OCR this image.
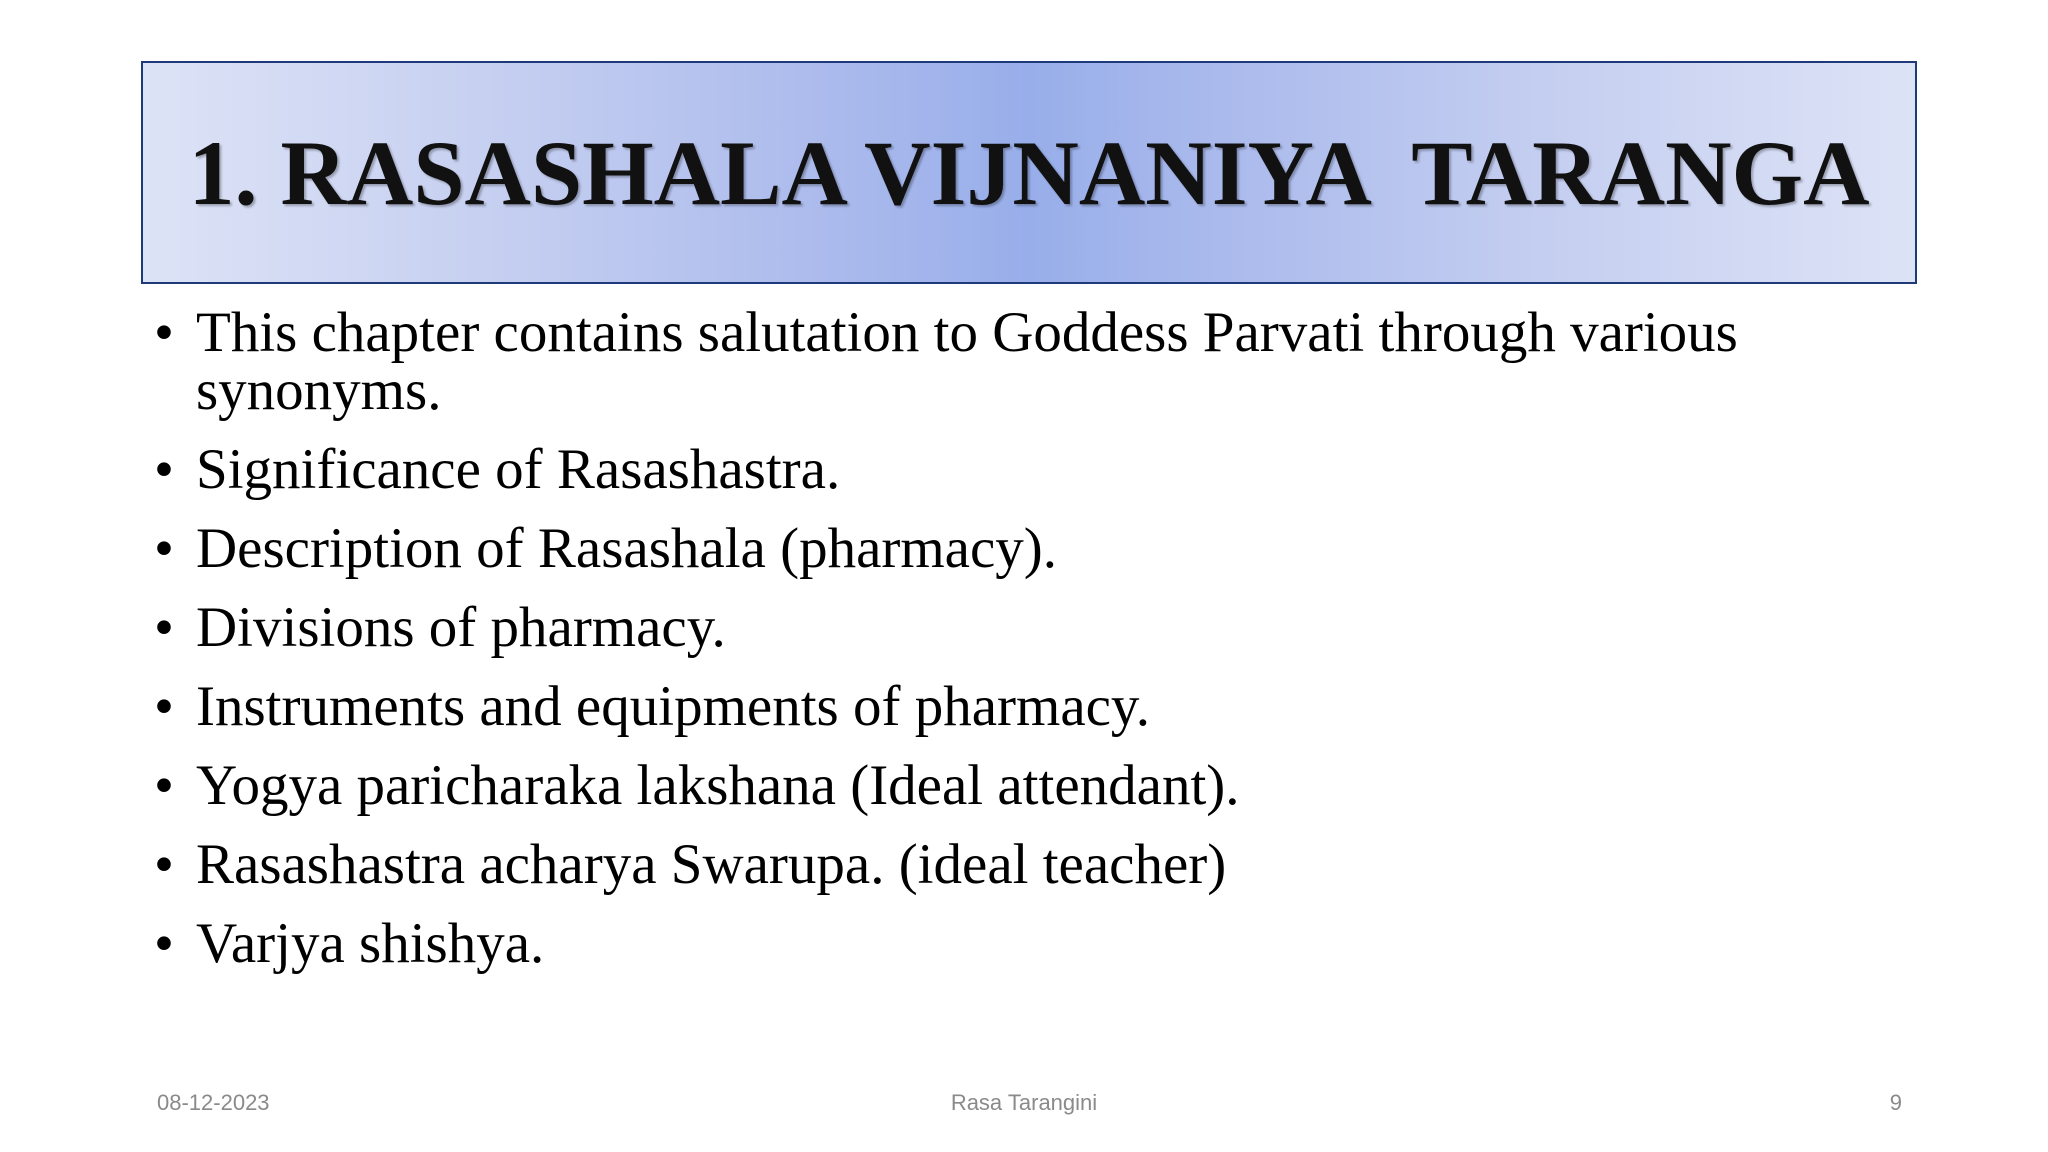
1. RASASHALA VIJNANIYA  TARANGA
• This chapter contains salutation to Goddess Parvati through various synonyms.
• Significance of Rasashastra.
• Description of Rasashala (pharmacy).
• Divisions of pharmacy.
• Instruments and equipments of pharmacy.
• Yogya paricharaka lakshana (Ideal attendant).
• Rasashastra acharya Swarupa. (ideal teacher)
• Varjya shishya.
08-12-2023	Rasa Tarangini	9
